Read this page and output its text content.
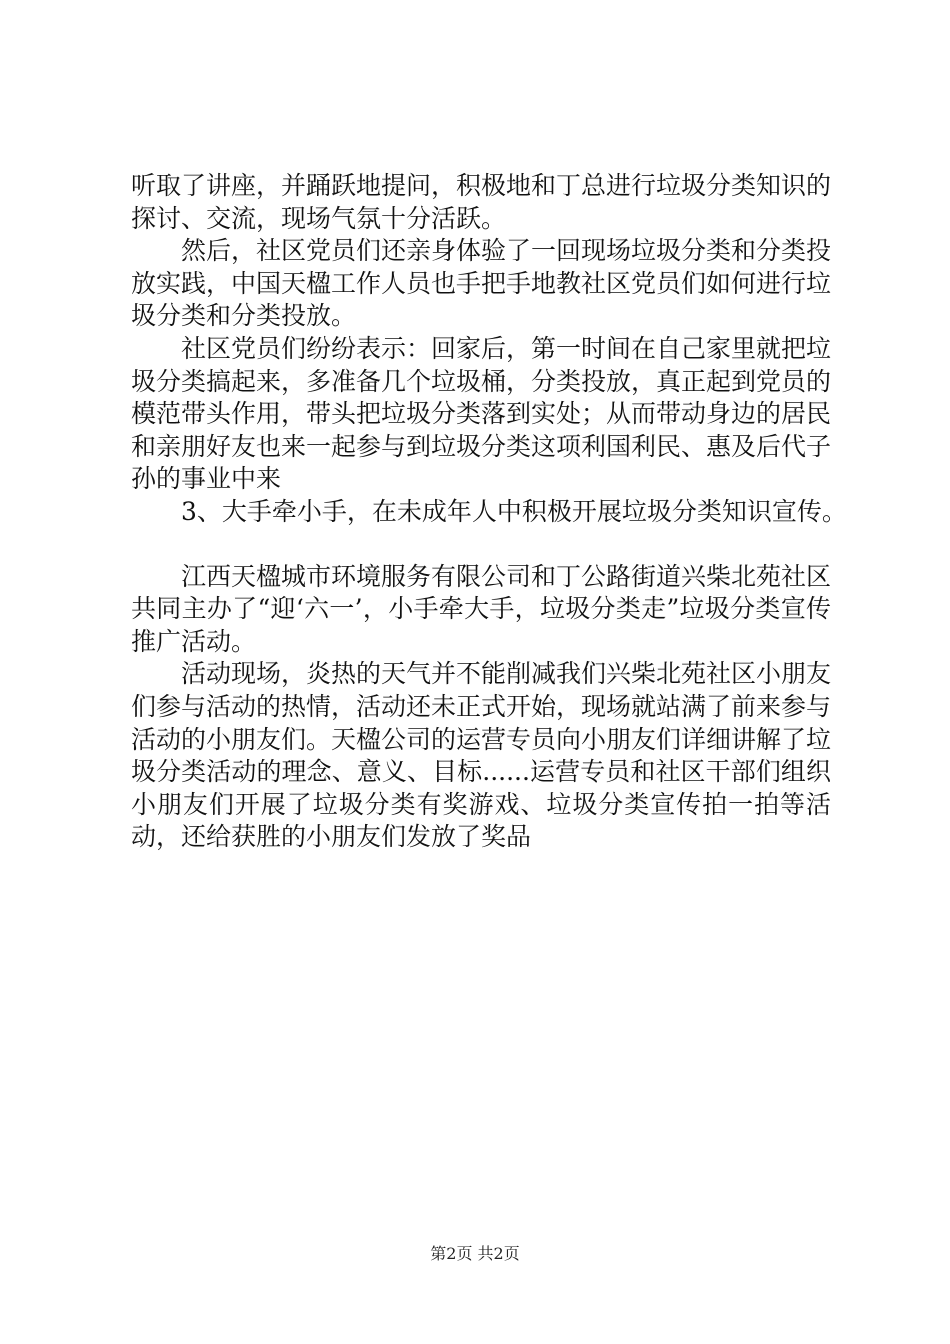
听取了讲座，并踊跃地提问，积极地和丁总进行垃圾分类知识的探讨、交流，现场气氛十分活跃。

然后，社区党员们还亲身体验了一回现场垃圾分类和分类投放实践，中国天楹工作人员也手把手地教社区党员们如何进行垃圾分类和分类投放。

社区党员们纷纷表示：回家后，第一时间在自己家里就把垃圾分类搞起来，多准备几个垃圾桶，分类投放，真正起到党员的模范带头作用，带头把垃圾分类落到实处；从而带动身边的居民和亲朋好友也来一起参与到垃圾分类这项利国利民、惠及后代子孙的事业中来

3、大手牵小手，在未成年人中积极开展垃圾分类知识宣传。

江西天楹城市环境服务有限公司和丁公路街道兴柴北苑社区共同主办了“迎‘六一’，小手牵大手，垃圾分类走”垃圾分类宣传推广活动。

活动现场，炎热的天气并不能削减我们兴柴北苑社区小朋友们参与活动的热情，活动还未正式开始，现场就站满了前来参与活动的小朋友们。天楹公司的运营专员向小朋友们详细讲解了垃圾分类活动的理念、意义、目标......运营专员和社区干部们组织小朋友们开展了垃圾分类有奖游戏、垃圾分类宣传拍一拍等活动，还给获胜的小朋友们发放了奖品

第2页 共2页
